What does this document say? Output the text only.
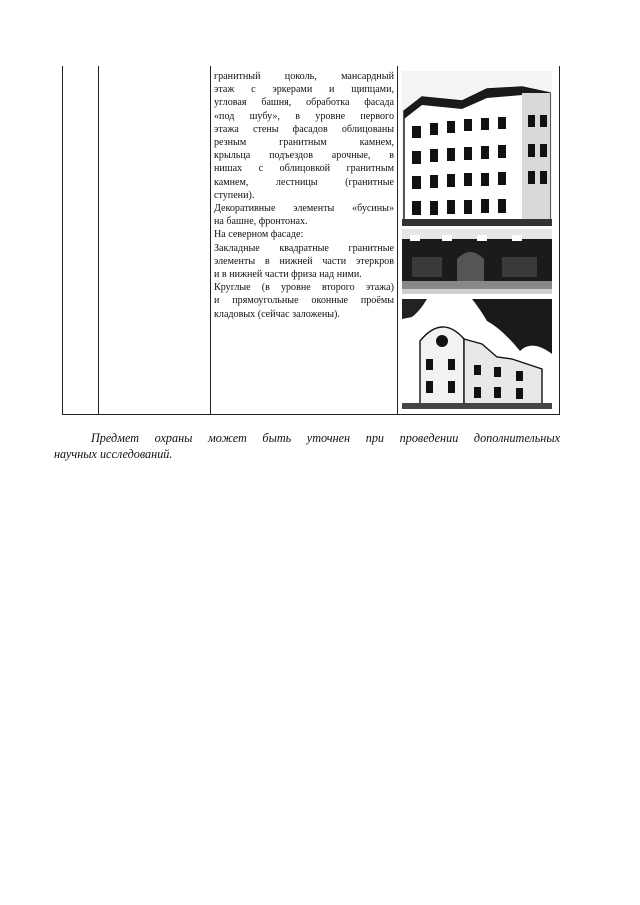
гранитный цоколь, мансардный

этаж с эркерами и щипцами,

угловая башня, обработка фасада

«под шубу», в уровне первого

этажа стены фасадов облицованы

резным гранитным камнем,

крыльца подъездов арочные, в

нишах с облицовкой гранитным

камнем, лестницы (гранитные

ступени).

Декоративные элементы «бусины»

на башне, фронтонах.

На северном фасаде:

Закладные квадратные гранитные

элементы в нижней части этеркров

и в нижней части фриза над ними.

Круглые (в уровне второго этажа)

и прямоугольные оконные проёмы

кладовых (сейчас заложены).

Предмет охраны может быть уточнен при проведении дополнительных
научных исследований.
